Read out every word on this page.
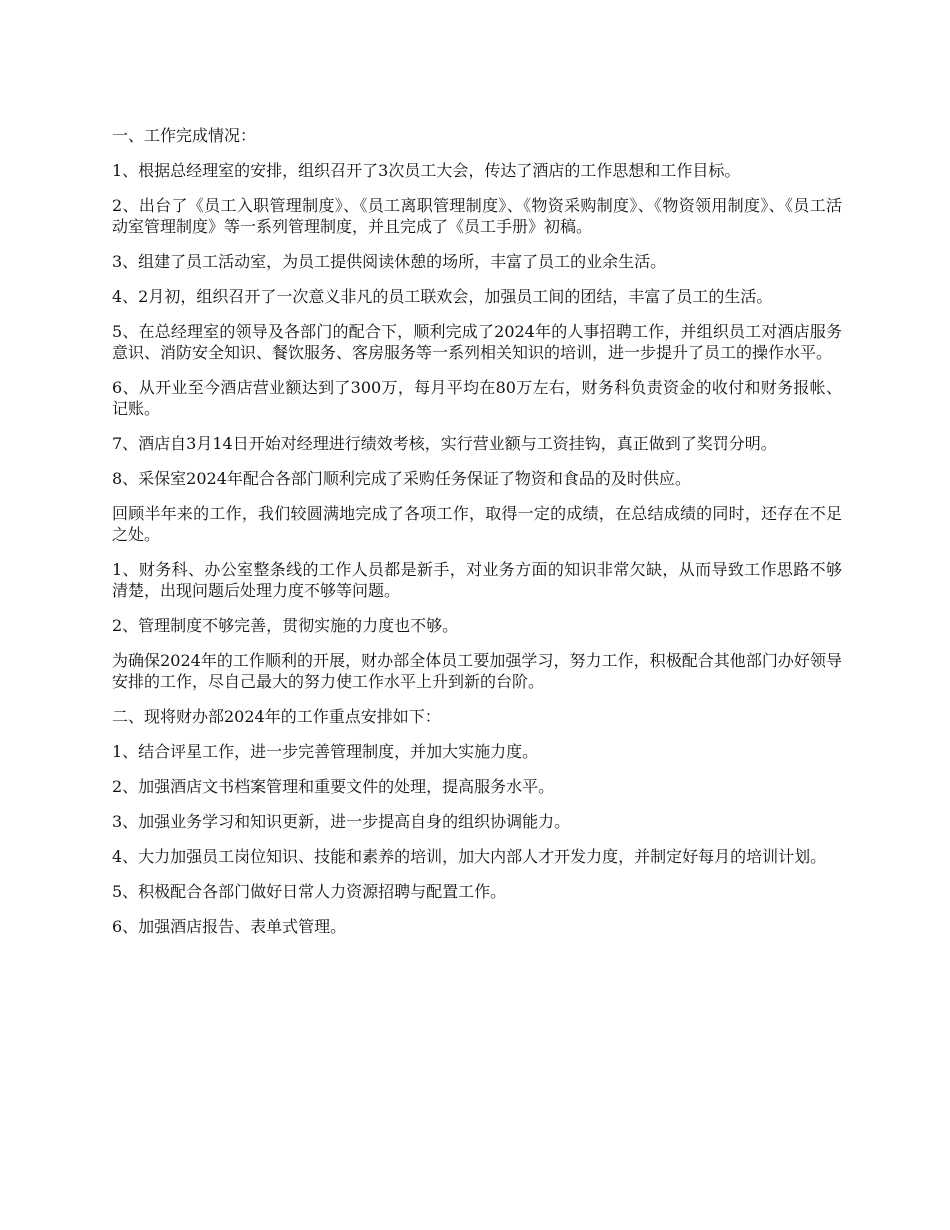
一、工作完成情况：

1、根据总经理室的安排，组织召开了3次员工大会，传达了酒店的工作思想和工作目标。

2、出台了《员工入职管理制度》、《员工离职管理制度》、《物资采购制度》、《物资领用制度》、《员工活动室管理制度》等一系列管理制度，并且完成了《员工手册》初稿。

3、组建了员工活动室，为员工提供阅读休憩的场所，丰富了员工的业余生活。

4、2月初，组织召开了一次意义非凡的员工联欢会，加强员工间的团结，丰富了员工的生活。

5、在总经理室的领导及各部门的配合下，顺利完成了2024年的人事招聘工作，并组织员工对酒店服务意识、消防安全知识、餐饮服务、客房服务等一系列相关知识的培训，进一步提升了员工的操作水平。

6、从开业至今酒店营业额达到了300万，每月平均在80万左右，财务科负责资金的收付和财务报帐、记账。

7、酒店自3月14日开始对经理进行绩效考核，实行营业额与工资挂钩，真正做到了奖罚分明。

8、采保室2024年配合各部门顺利完成了采购任务保证了物资和食品的及时供应。

回顾半年来的工作，我们较圆满地完成了各项工作，取得一定的成绩，在总结成绩的同时，还存在不足之处。

1、财务科、办公室整条线的工作人员都是新手，对业务方面的知识非常欠缺，从而导致工作思路不够清楚，出现问题后处理力度不够等问题。

2、管理制度不够完善，贯彻实施的力度也不够。

为确保2024年的工作顺利的开展，财办部全体员工要加强学习，努力工作，积极配合其他部门办好领导安排的工作，尽自己最大的努力使工作水平上升到新的台阶。

二、现将财办部2024年的工作重点安排如下：

1、结合评星工作，进一步完善管理制度，并加大实施力度。

2、加强酒店文书档案管理和重要文件的处理，提高服务水平。

3、加强业务学习和知识更新，进一步提高自身的组织协调能力。

4、大力加强员工岗位知识、技能和素养的培训，加大内部人才开发力度，并制定好每月的培训计划。

5、积极配合各部门做好日常人力资源招聘与配置工作。

6、加强酒店报告、表单式管理。
